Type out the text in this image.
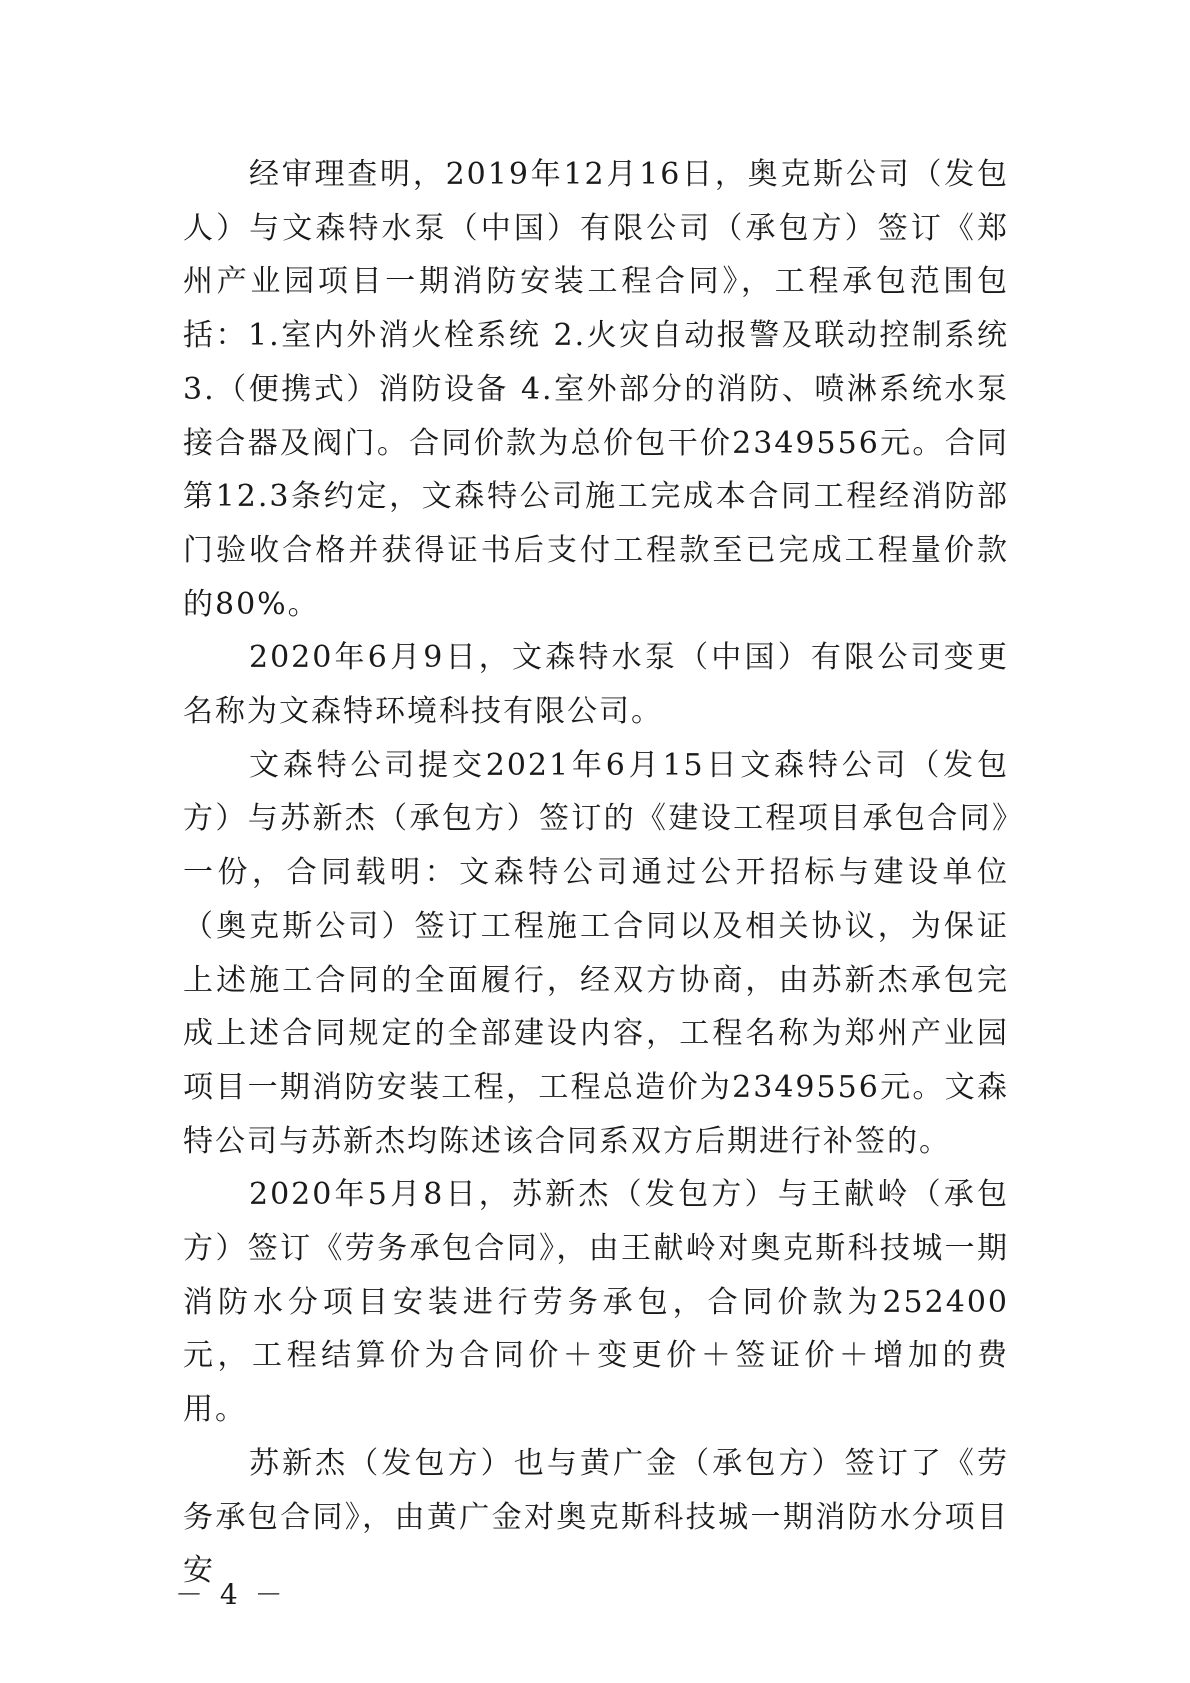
经审理查明，2019年12月16日，奥克斯公司（发包人）与文森特水泵（中国）有限公司（承包方）签订《郑州产业园项目一期消防安装工程合同》，工程承包范围包括：1.室内外消火栓系统 2.火灾自动报警及联动控制系统 3.（便携式）消防设备 4.室外部分的消防、喷淋系统水泵接合器及阀门。合同价款为总价包干价2349556元。合同第12.3条约定，文森特公司施工完成本合同工程经消防部门验收合格并获得证书后支付工程款至已完成工程量价款的80%。

2020年6月9日，文森特水泵（中国）有限公司变更名称为文森特环境科技有限公司。

文森特公司提交2021年6月15日文森特公司（发包方）与苏新杰（承包方）签订的《建设工程项目承包合同》一份，合同载明：文森特公司通过公开招标与建设单位（奥克斯公司）签订工程施工合同以及相关协议，为保证上述施工合同的全面履行，经双方协商，由苏新杰承包完成上述合同规定的全部建设内容，工程名称为郑州产业园项目一期消防安装工程，工程总造价为2349556元。文森特公司与苏新杰均陈述该合同系双方后期进行补签的。

2020年5月8日，苏新杰（发包方）与王献岭（承包方）签订《劳务承包合同》，由王献岭对奥克斯科技城一期消防水分项目安装进行劳务承包，合同价款为252400元，工程结算价为合同价＋变更价＋签证价＋增加的费用。

苏新杰（发包方）也与黄广金（承包方）签订了《劳务承包合同》，由黄广金对奥克斯科技城一期消防水分项目安

－ 4 －
